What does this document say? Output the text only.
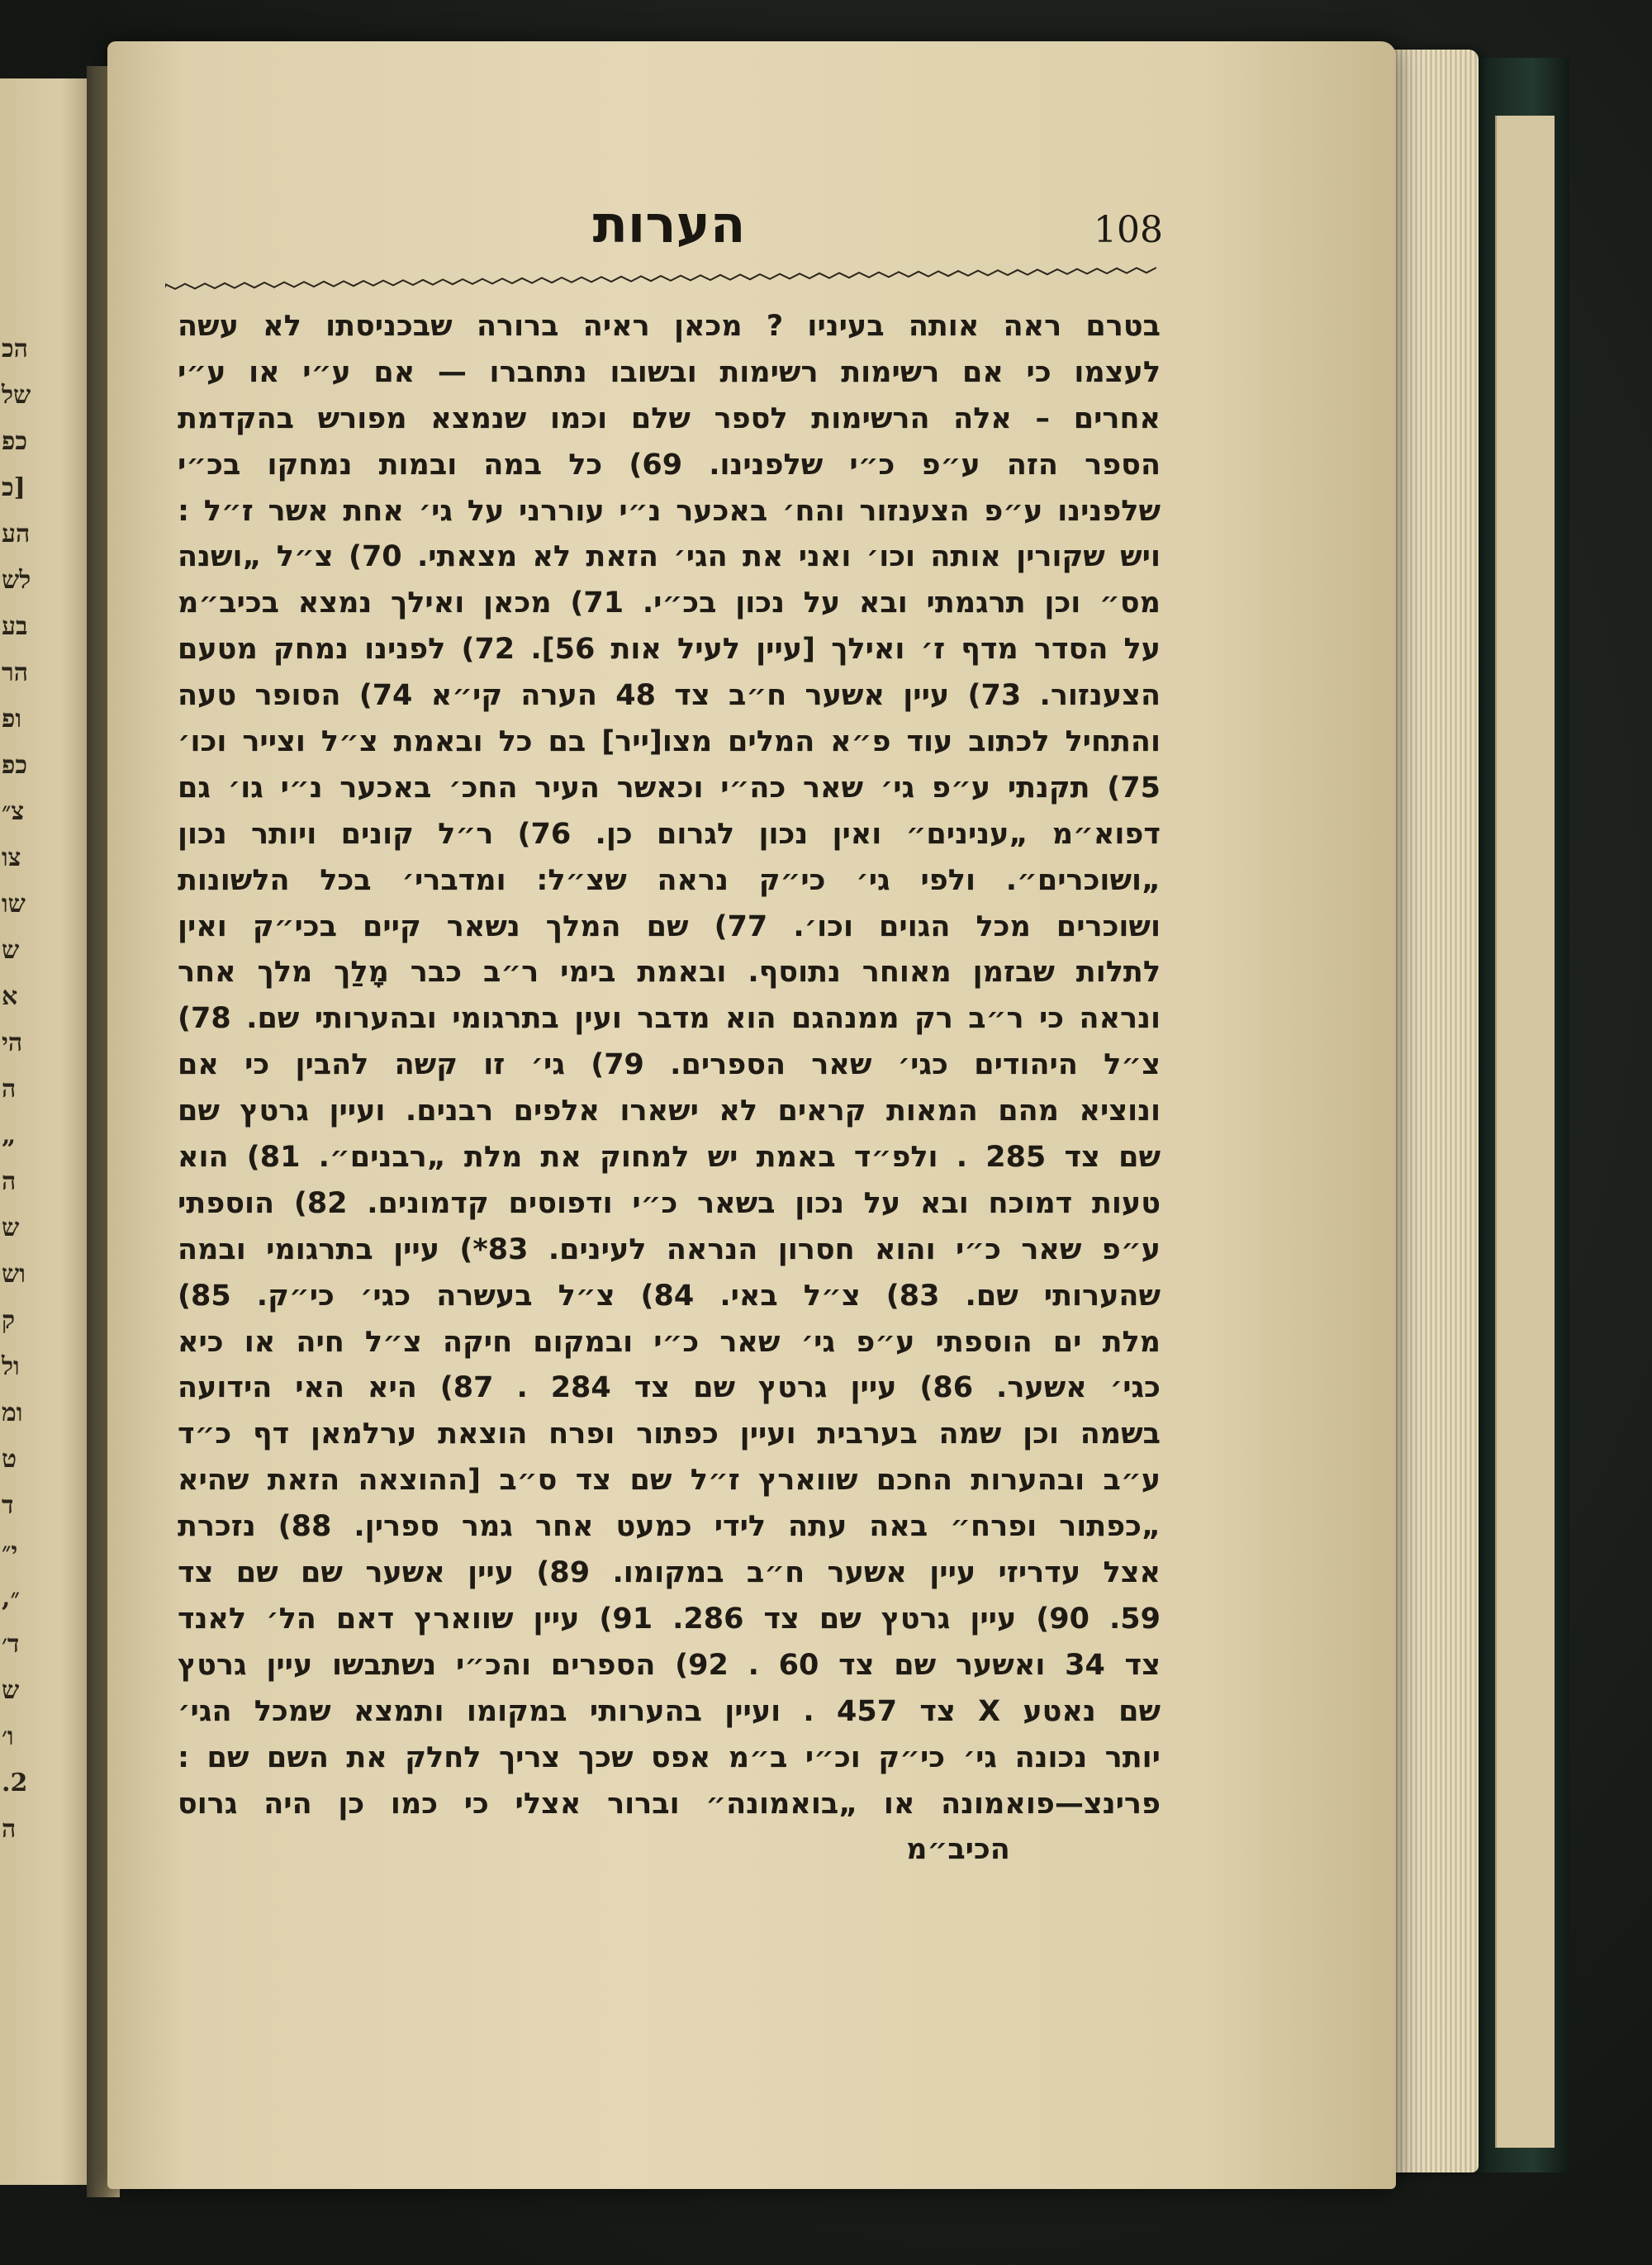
הכ
של
כפ
[כ
הע
לש
בע
הר
ופ
כפ
צ״
צו
שו
ש
א
הי
ה
„
ה
ש
וש
ק
ול
ומ
ט
ד
י״
״,
ד׳
ש
ו׳
2.
ה
הערות	108
בטרם ראה אותה בעיניו ? מכאן ראיה ברורה שבכניסתו לא עשה
לעצמו כי אם רשימות רשימות ובשובו נתחברו — אם ע״י או ע״י
אחרים – אלה הרשימות לספר שלם וכמו שנמצא מפורש בהקדמת
הספר הזה ע״פ כ״י שלפנינו. 69) כל במה ובמות נמחקו בכ״י
שלפנינו ע״פ הצענזור והח׳ באכער נ״י עוררני על גי׳ אחת אשר ז״ל :
ויש שקורין אותה וכו׳ ואני את הגי׳ הזאת לא מצאתי. 70) צ״ל „ושנה
מס״ וכן תרגמתי ובא על נכון בכ״י. 71) מכאן ואילך נמצא בכיב״מ
על הסדר מדף ז׳ ואילך [עיין לעיל אות 56]. 72) לפנינו נמחק מטעם
הצענזור. 73) עיין אשער ח״ב צד 48 הערה קי״א 74) הסופר טעה
והתחיל לכתוב עוד פ״א המלים מצו[ייר] בם כל ובאמת צ״ל וצייר וכו׳
75) תקנתי ע״פ גי׳ שאר כה״י וכאשר העיר החכ׳ באכער נ״י גו׳ גם
דפוא״מ „ענינים״ ואין נכון לגרום כן. 76) ר״ל קונים ויותר נכון
„ושוכרים״. ולפי גי׳ כי״ק נראה שצ״ל: ומדברי׳ בכל הלשונות
ושוכרים מכל הגוים וכו׳. 77) שם המלך נשאר קיים בכי״ק ואין
לתלות שבזמן מאוחר נתוסף. ובאמת בימי ר״ב כבר מָלַך מלך אחר
ונראה כי ר״ב רק ממנהגם הוא מדבר ועין בתרגומי ובהערותי שם. 78)
צ״ל היהודים כגי׳ שאר הספרים. 79) גי׳ זו קשה להבין כי אם
ונוציא מהם המאות קראים לא ישארו אלפים רבנים. ועיין גרטץ שם
שם צד 285 . ולפ״ד באמת יש למחוק את מלת „רבנים״. 81) הוא
טעות דמוכח ובא על נכון בשאר כ״י ודפוסים קדמונים. 82) הוספתי
ע״פ שאר כ״י והוא חסרון הנראה לעינים. 83*) עיין בתרגומי ובמה
שהערותי שם. 83) צ״ל באי. 84) צ״ל בעשרה כגי׳ כי״ק. 85)
מלת ים הוספתי ע״פ גי׳ שאר כ״י ובמקום חיקה צ״ל חיה או כיא
כגי׳ אשער. 86) עיין גרטץ שם צד 284 . 87) היא האי הידועה
בשמה וכן שמה בערבית ועיין כפתור ופרח הוצאת ערלמאן דף כ״ד
ע״ב ובהערות החכם שווארץ ז״ל שם צד ס״ב [ההוצאה הזאת שהיא
„כפתור ופרח״ באה עתה לידי כמעט אחר גמר ספרין. 88) נזכרת
אצל עדריזי עיין אשער ח״ב במקומו. 89) עיין אשער שם שם צד
59. 90) עיין גרטץ שם צד 286. 91) עיין שווארץ דאם הל׳ לאנד
צד 34 ואשער שם צד 60 . 92) הספרים והכ״י נשתבשו עיין גרטץ
שם נאטע X צד 457 . ועיין בהערותי במקומו ותמצא שמכל הגי׳
יותר נכונה גי׳ כי״ק וכ״י ב״מ אפס שכך צריך לחלק את השם שם :
פרינצ—פואמונה או „בואמונה״ וברור אצלי כי כמו כן היה גרוס
הכיב״מ
